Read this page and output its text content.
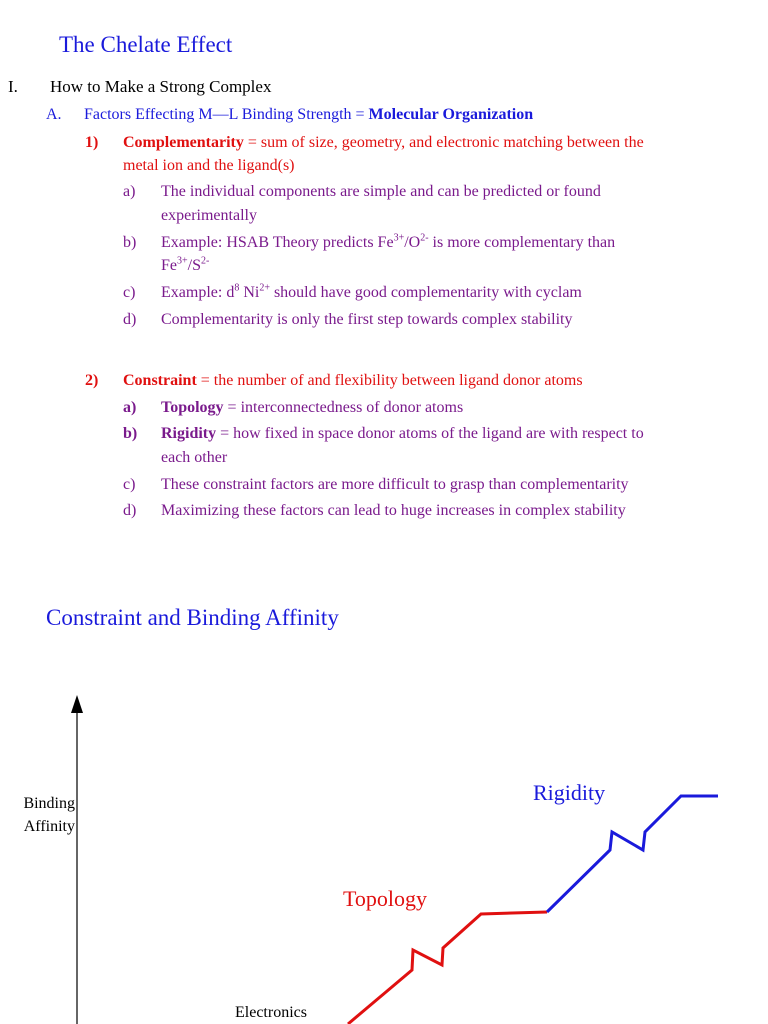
The Chelate Effect
I. How to Make a Strong Complex
A. Factors Effecting M—L Binding Strength = Molecular Organization
1) Complementarity = sum of size, geometry, and electronic matching between the
metal ion and the ligand(s)
a) The individual components are simple and can be predicted or found
experimentally
b) Example: HSAB Theory predicts $Fe^{3+}/O^{2-}$ is more complementary than
$Fe^{3+}/S^{2-}$
c) Example: $d^8$ $Ni^{2+}$ should have good complementarity with cyclam
d) Complementarity is only the first step towards complex stability
2) Constraint = the number of and flexibility between ligand donor atoms
a) Topology = interconnectedness of donor atoms
b) Rigidity = how fixed in space donor atoms of the ligand are with respect to
each other
c) These constraint factors are more difficult to grasp than complementarity
d) Maximizing these factors can lead to huge increases in complex stability
Constraint and Binding Affinity
Binding
Affinity
Electronics
Topology
Rigidity
